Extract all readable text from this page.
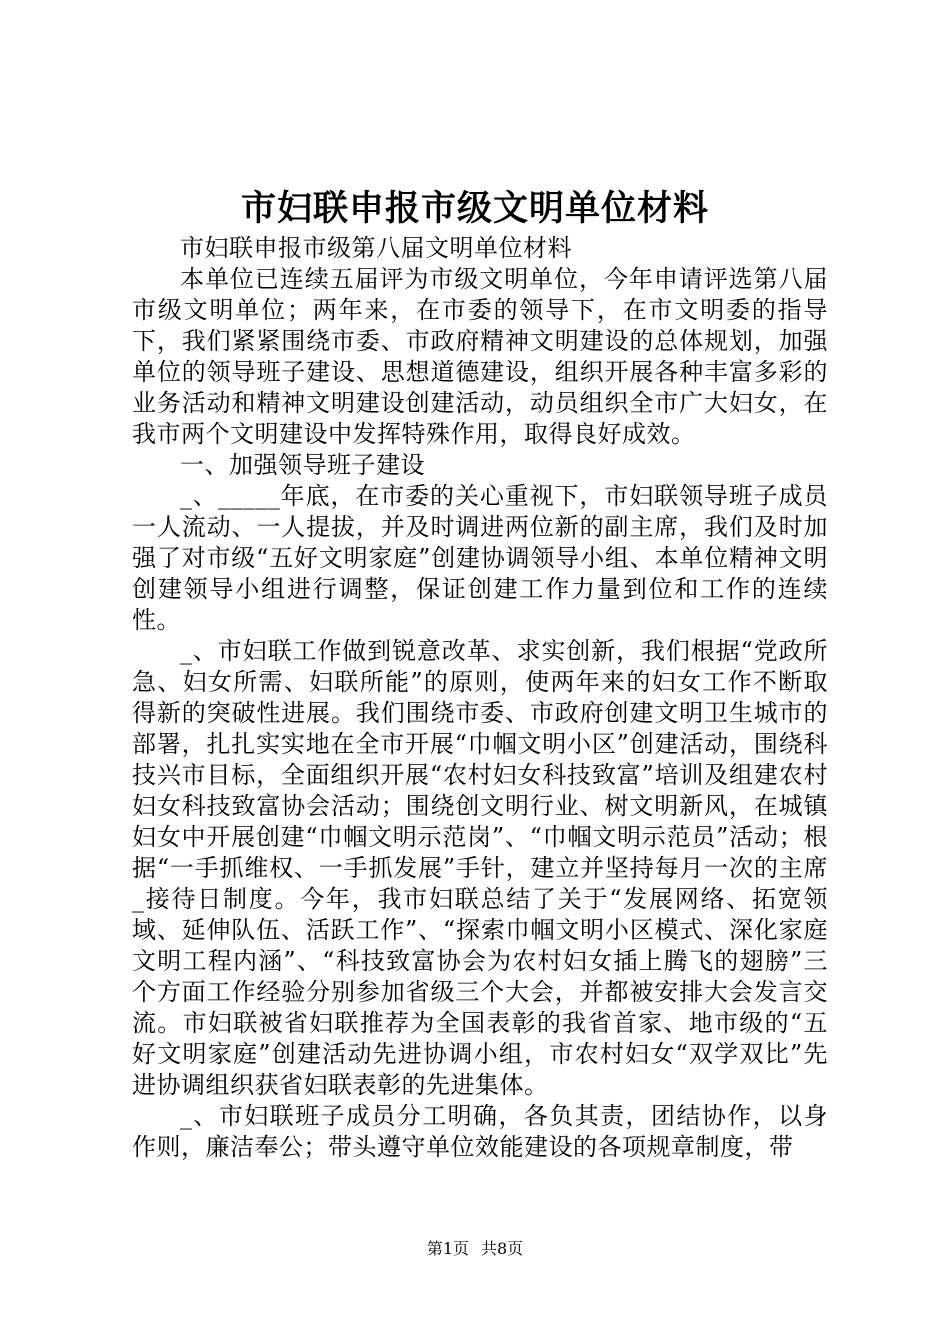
市妇联申报市级文明单位材料

市妇联申报市级第八届文明单位材料

本单位已连续五届评为市级文明单位，今年申请评选第八届市级文明单位；两年来，在市委的领导下，在市文明委的指导下，我们紧紧围绕市委、市政府精神文明建设的总体规划，加强单位的领导班子建设、思想道德建设，组织开展各种丰富多彩的业务活动和精神文明建设创建活动，动员组织全市广大妇女，在我市两个文明建设中发挥特殊作用，取得良好成效。

一、加强领导班子建设

_、_____年底，在市委的关心重视下，市妇联领导班子成员一人流动、一人提拔，并及时调进两位新的副主席，我们及时加强了对市级“五好文明家庭”创建协调领导小组、本单位精神文明创建领导小组进行调整，保证创建工作力量到位和工作的连续性。

_、市妇联工作做到锐意改革、求实创新，我们根据“党政所急、妇女所需、妇联所能”的原则，使两年来的妇女工作不断取得新的突破性进展。我们围绕市委、市政府创建文明卫生城市的部署，扎扎实实地在全市开展“巾帼文明小区”创建活动，围绕科技兴市目标，全面组织开展“农村妇女科技致富”培训及组建农村妇女科技致富协会活动；围绕创文明行业、树文明新风，在城镇妇女中开展创建“巾帼文明示范岗”、“巾帼文明示范员”活动；根据“一手抓维权、一手抓发展”手针，建立并坚持每月一次的主席_接待日制度。今年，我市妇联总结了关于“发展网络、拓宽领域、延伸队伍、活跃工作”、“探索巾帼文明小区模式、深化家庭文明工程内涵”、“科技致富协会为农村妇女插上腾飞的翅膀”三个方面工作经验分别参加省级三个大会，并都被安排大会发言交流。市妇联被省妇联推荐为全国表彰的我省首家、地市级的“五好文明家庭”创建活动先进协调小组，市农村妇女“双学双比”先进协调组织获省妇联表彰的先进集体。

_、市妇联班子成员分工明确，各负其责，团结协作，以身作则，廉洁奉公；带头遵守单位效能建设的各项规章制度，带

第1页 共8页
